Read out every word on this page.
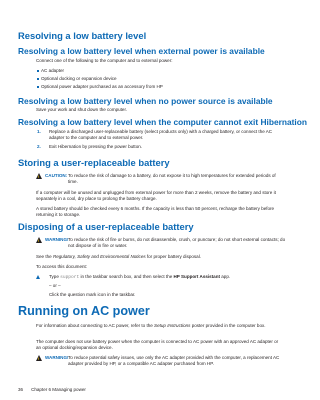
Resolving a low battery level
Resolving a low battery level when external power is available
Connect one of the following to the computer and to external power:
AC adapter
Optional docking or expansion device
Optional power adapter purchased as an accessory from HP
Resolving a low battery level when no power source is available
Save your work and shut down the computer.
Resolving a low battery level when the computer cannot exit Hibernation
1. Replace a discharged user-replaceable battery (select products only) with a charged battery, or connect the AC adapter to the computer and to external power.
2. Exit Hibernation by pressing the power button.
Storing a user-replaceable battery
!
CAUTION: To reduce the risk of damage to a battery, do not expose it to high temperatures for extended periods of time.
If a computer will be unused and unplugged from external power for more than 2 weeks, remove the battery and store it separately in a cool, dry place to prolong the battery charge.
A stored battery should be checked every 6 months. If the capacity is less than 50 percent, recharge the battery before returning it to storage.
Disposing of a user-replaceable battery
!
WARNING! To reduce the risk of fire or burns, do not disassemble, crush, or puncture; do not short external contacts; do not dispose of in fire or water.
See the Regulatory, Safety and Environmental Notices for proper battery disposal.
To access this document:
Type support in the taskbar search box, and then select the HP Support Assistant app.
– or –
Click the question mark icon in the taskbar.
Running on AC power
For information about connecting to AC power, refer to the Setup Instructions poster provided in the computer box.
The computer does not use battery power when the computer is connected to AC power with an approved AC adapter or an optional docking/expansion device.
!
WARNING! To reduce potential safety issues, use only the AC adapter provided with the computer, a replacement AC adapter provided by HP, or a compatible AC adapter purchased from HP.
36 Chapter 6 Managing power
